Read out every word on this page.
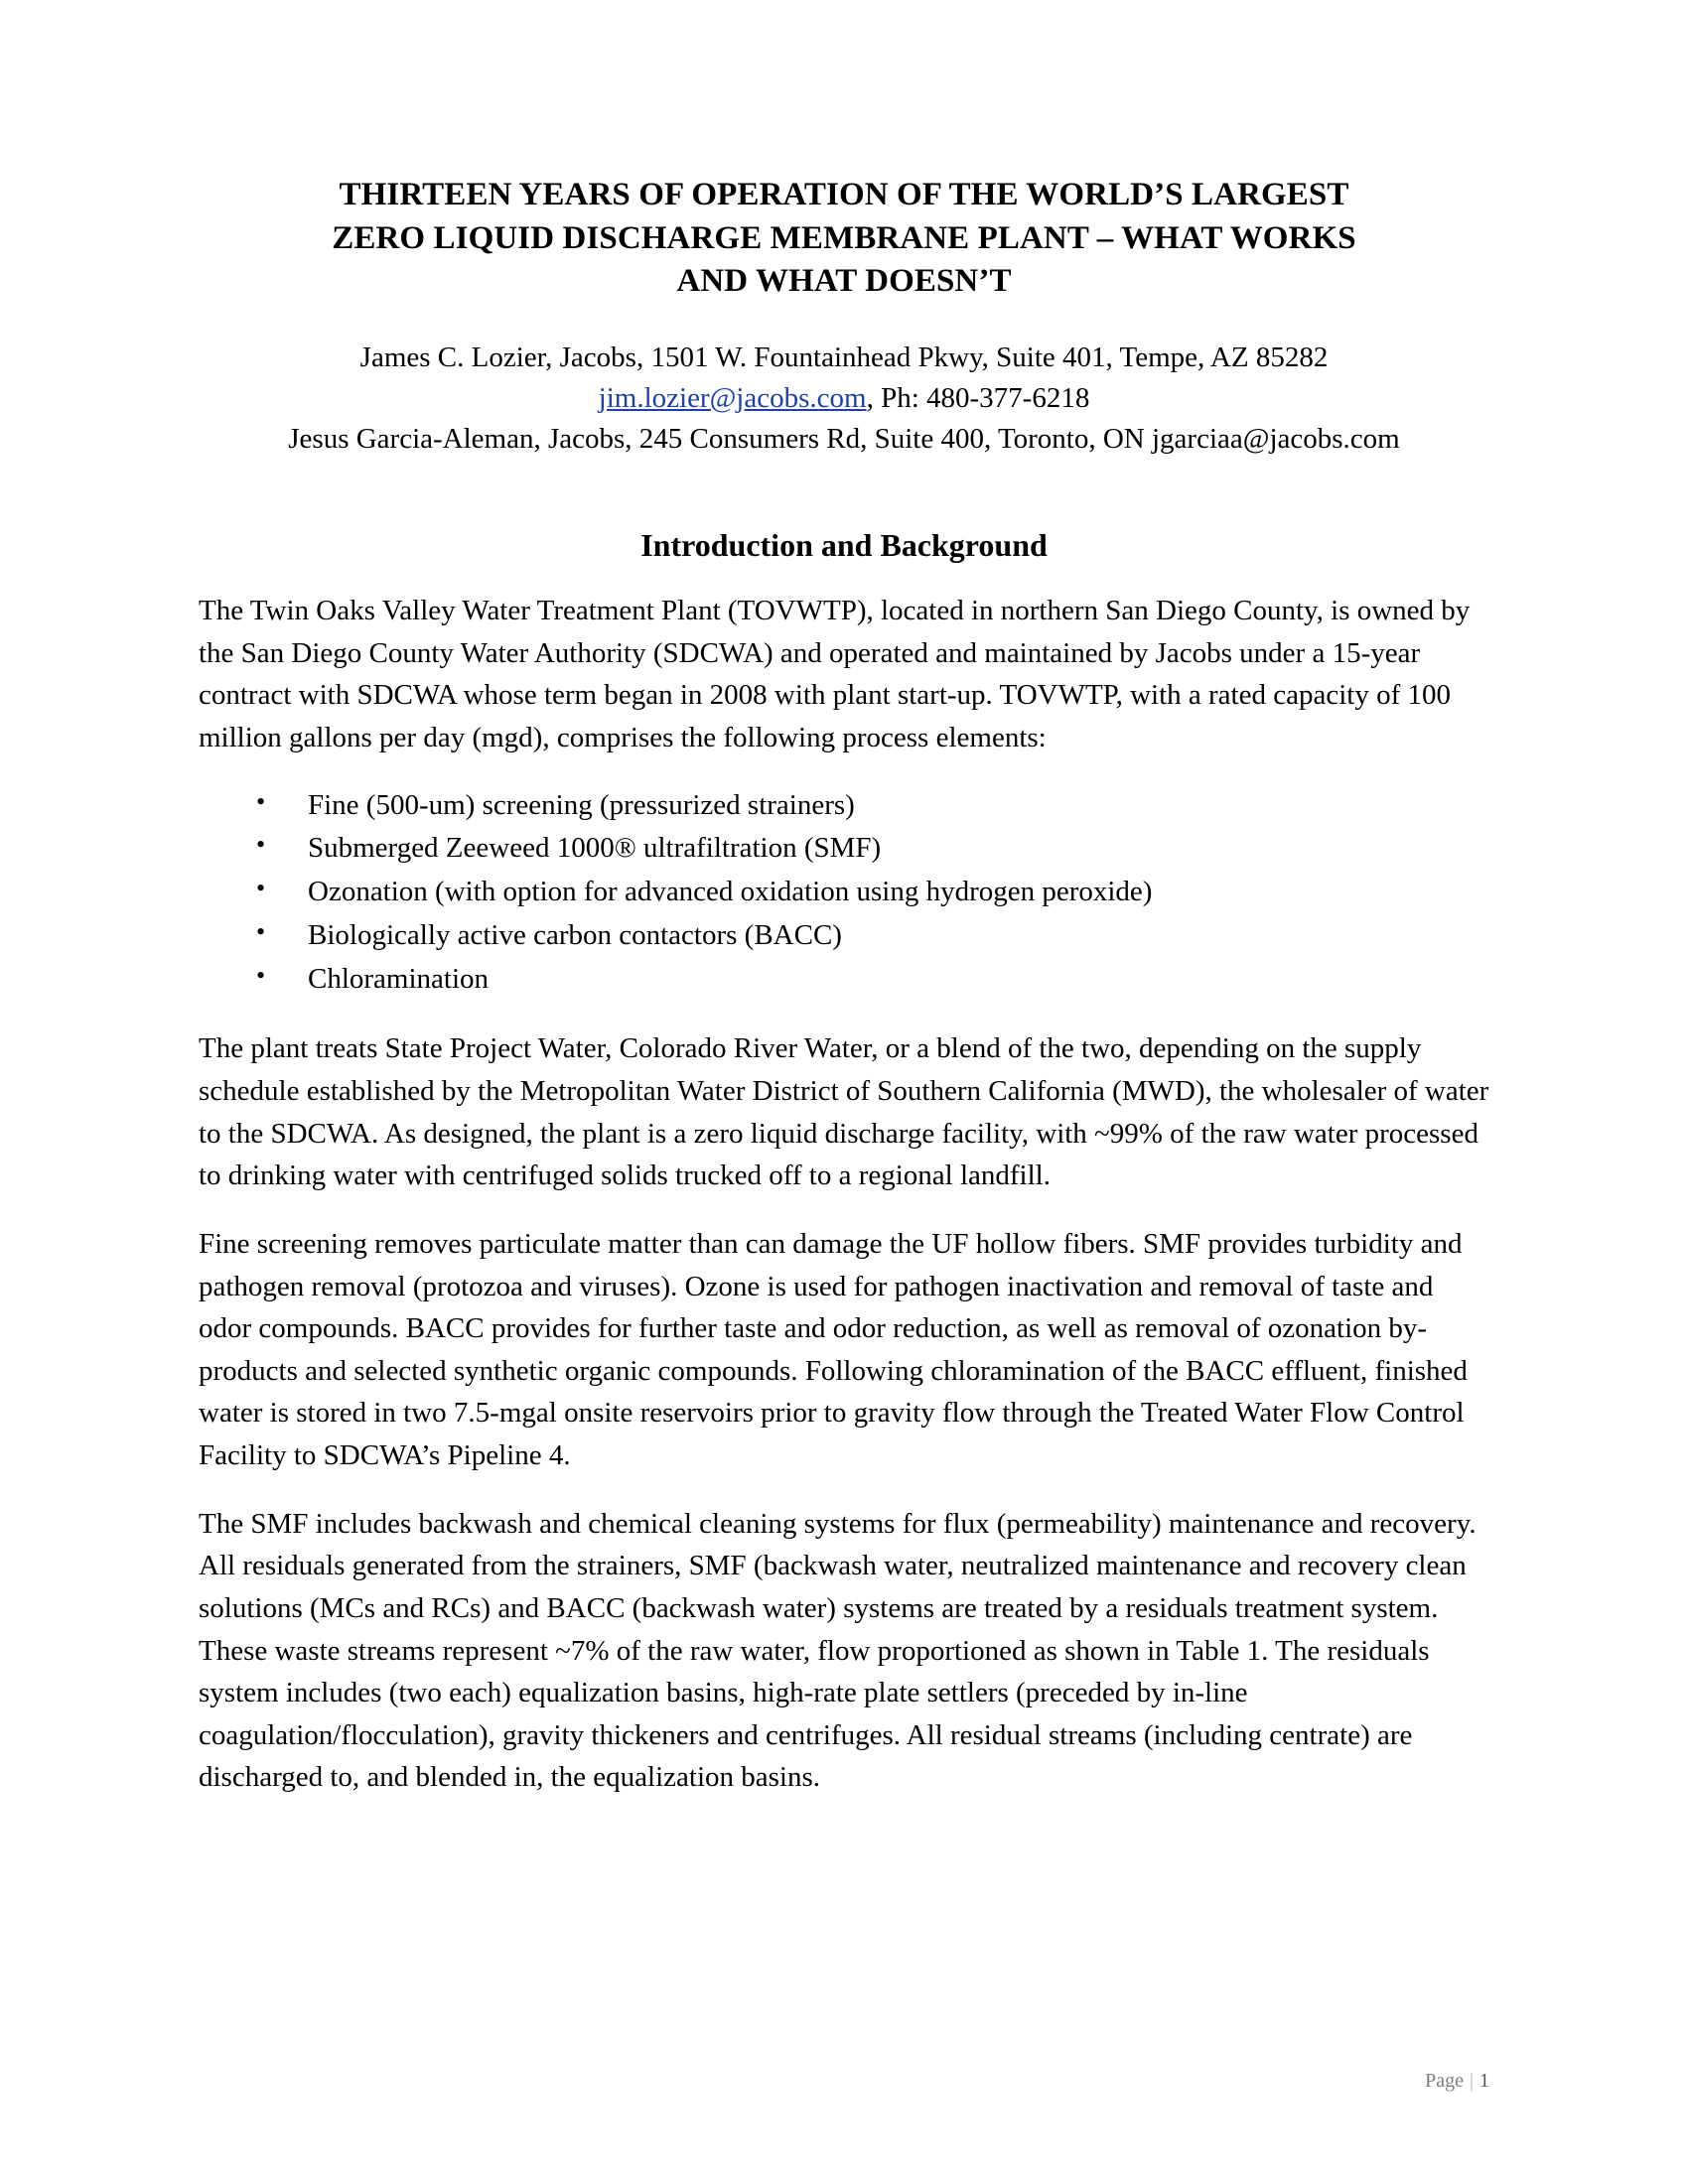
THIRTEEN YEARS OF OPERATION OF THE WORLD’S LARGEST
ZERO LIQUID DISCHARGE MEMBRANE PLANT – WHAT WORKS
AND WHAT DOESN’T
James C. Lozier, Jacobs, 1501 W. Fountainhead Pkwy, Suite 401, Tempe, AZ 85282
jim.lozier@jacobs.com, Ph: 480-377-6218
Jesus Garcia-Aleman, Jacobs, 245 Consumers Rd, Suite 400, Toronto, ON jgarciaa@jacobs.com
Introduction and Background

The Twin Oaks Valley Water Treatment Plant (TOVWTP), located in northern San Diego County, is owned by the San Diego County Water Authority (SDCWA) and operated and maintained by Jacobs under a 15-year contract with SDCWA whose term began in 2008 with plant start-up. TOVWTP, with a rated capacity of 100 million gallons per day (mgd), comprises the following process elements:

• Fine (500-um) screening (pressurized strainers)
• Submerged Zeeweed 1000® ultrafiltration (SMF)
• Ozonation (with option for advanced oxidation using hydrogen peroxide)
• Biologically active carbon contactors (BACC)
• Chloramination

The plant treats State Project Water, Colorado River Water, or a blend of the two, depending on the supply schedule established by the Metropolitan Water District of Southern California (MWD), the wholesaler of water to the SDCWA. As designed, the plant is a zero liquid discharge facility, with ~99% of the raw water processed to drinking water with centrifuged solids trucked off to a regional landfill.

Fine screening removes particulate matter than can damage the UF hollow fibers. SMF provides turbidity and pathogen removal (protozoa and viruses). Ozone is used for pathogen inactivation and removal of taste and odor compounds. BACC provides for further taste and odor reduction, as well as removal of ozonation by-products and selected synthetic organic compounds. Following chloramination of the BACC effluent, finished water is stored in two 7.5-mgal onsite reservoirs prior to gravity flow through the Treated Water Flow Control Facility to SDCWA’s Pipeline 4.

The SMF includes backwash and chemical cleaning systems for flux (permeability) maintenance and recovery. All residuals generated from the strainers, SMF (backwash water, neutralized maintenance and recovery clean solutions (MCs and RCs) and BACC (backwash water) systems are treated by a residuals treatment system. These waste streams represent ~7% of the raw water, flow proportioned as shown in Table 1. The residuals system includes (two each) equalization basins, high-rate plate settlers (preceded by in-line coagulation/flocculation), gravity thickeners and centrifuges. All residual streams (including centrate) are discharged to, and blended in, the equalization basins.

Page | 1
